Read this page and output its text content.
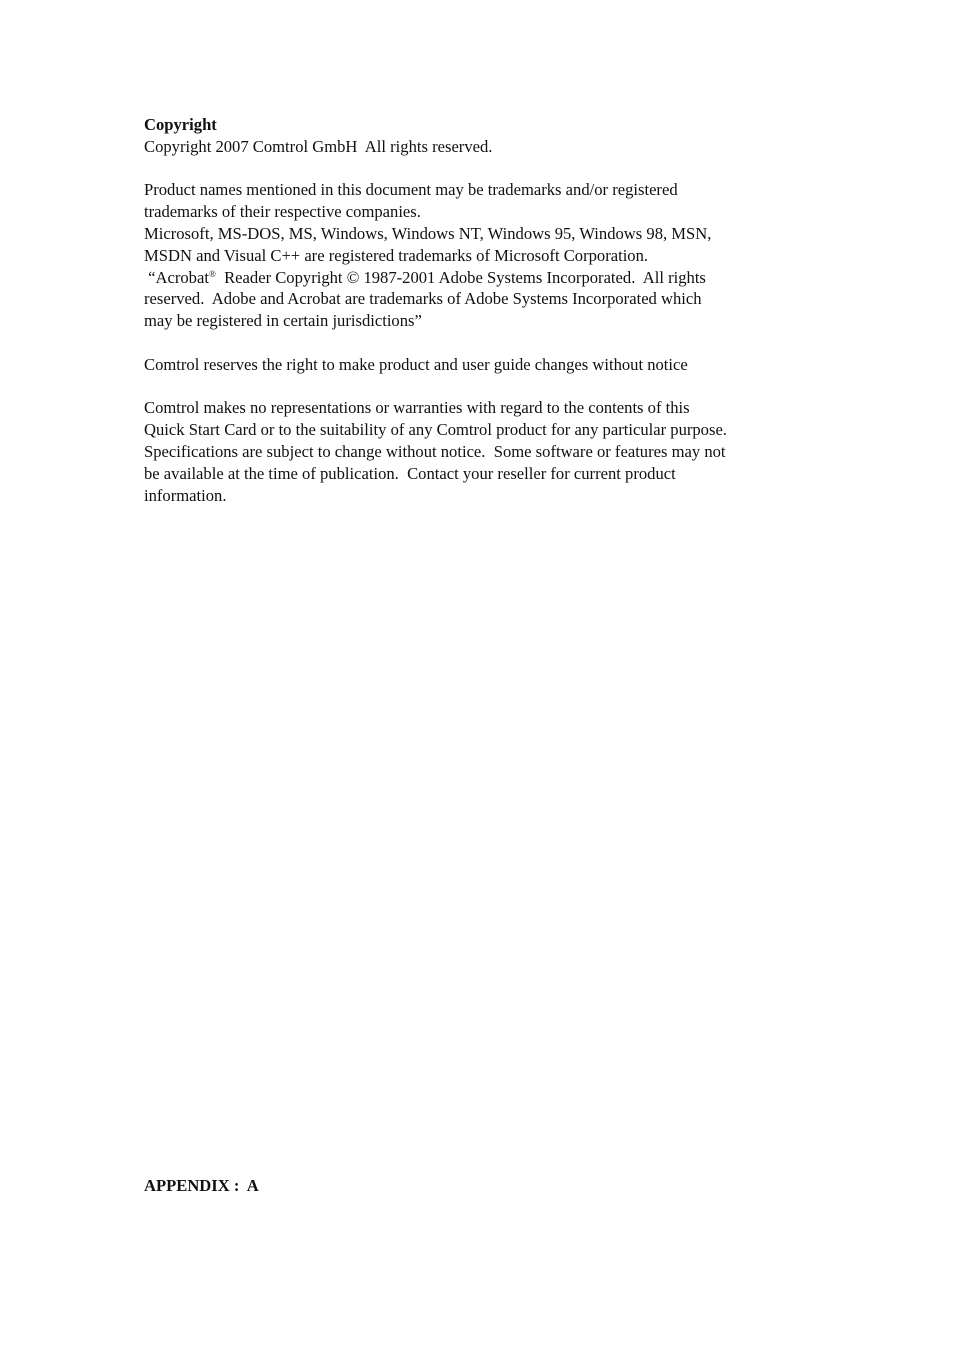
Copyright
Copyright 2007 Comtrol GmbH  All rights reserved.
Product names mentioned in this document may be trademarks and/or registered
trademarks of their respective companies.
Microsoft, MS-DOS, MS, Windows, Windows NT, Windows 95, Windows 98, MSN,
MSDN and Visual C++ are registered trademarks of Microsoft Corporation.
“Acrobat®  Reader Copyright © 1987-2001 Adobe Systems Incorporated.  All rights
reserved.  Adobe and Acrobat are trademarks of Adobe Systems Incorporated which
may be registered in certain jurisdictions”
Comtrol reserves the right to make product and user guide changes without notice
Comtrol makes no representations or warranties with regard to the contents of this
Quick Start Card or to the suitability of any Comtrol product for any particular purpose.
Specifications are subject to change without notice.  Some software or features may not
be available at the time of publication.  Contact your reseller for current product
information.
APPENDIX :  A
